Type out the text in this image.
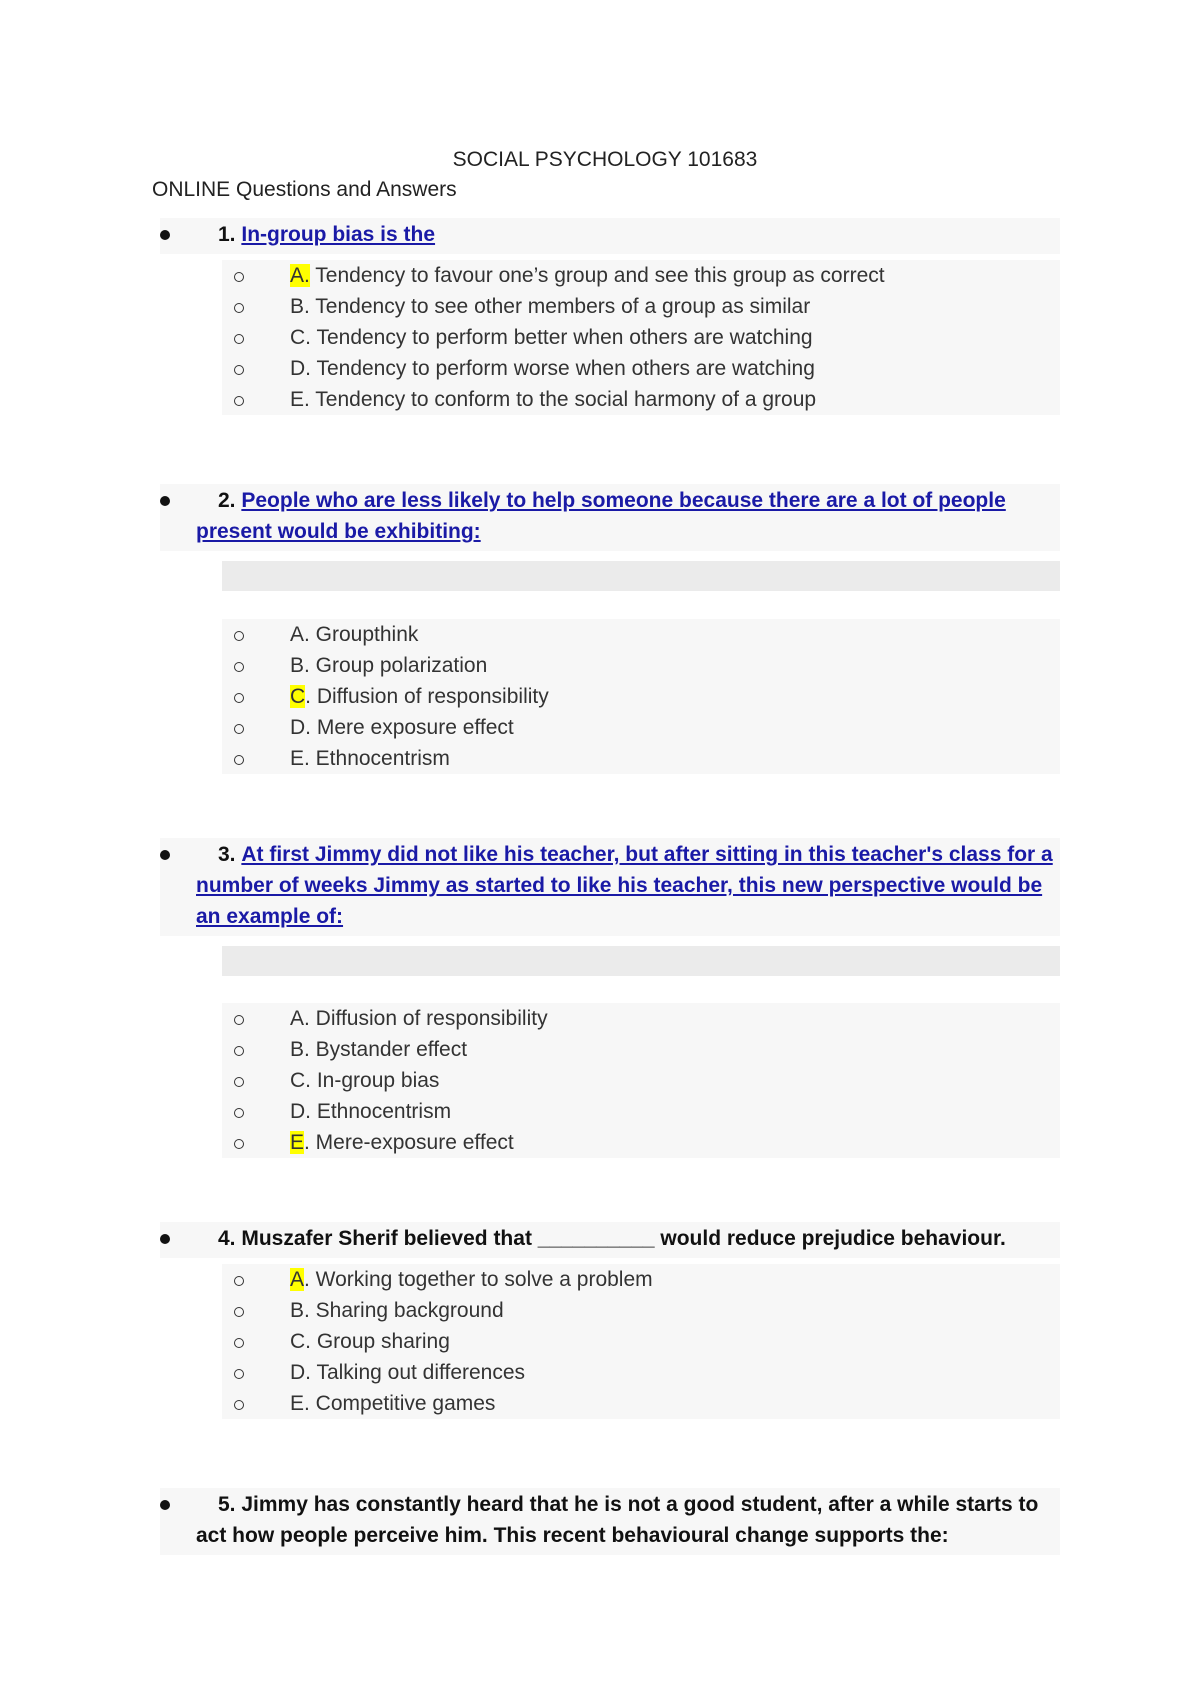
SOCIAL PSYCHOLOGY 101683
ONLINE Questions and Answers
1. In-group bias is the
A. Tendency to favour one’s group and see this group as correct
B. Tendency to see other members of a group as similar
C. Tendency to perform better when others are watching
D. Tendency to perform worse when others are watching
E. Tendency to conform to the social harmony of a group
2. People who are less likely to help someone because there are a lot of people
present would be exhibiting:
A. Groupthink
B. Group polarization
C. Diffusion of responsibility
D. Mere exposure effect
E. Ethnocentrism
3. At first Jimmy did not like his teacher, but after sitting in this teacher's class for a
number of weeks Jimmy as started to like his teacher, this new perspective would be
an example of:
A. Diffusion of responsibility
B. Bystander effect
C. In-group bias
D. Ethnocentrism
E. Mere-exposure effect
4. Muszafer Sherif believed that __________ would reduce prejudice behaviour.
A. Working together to solve a problem
B. Sharing background
C. Group sharing
D. Talking out differences
E. Competitive games
5. Jimmy has constantly heard that he is not a good student, after a while starts to
act how people perceive him. This recent behavioural change supports the:
